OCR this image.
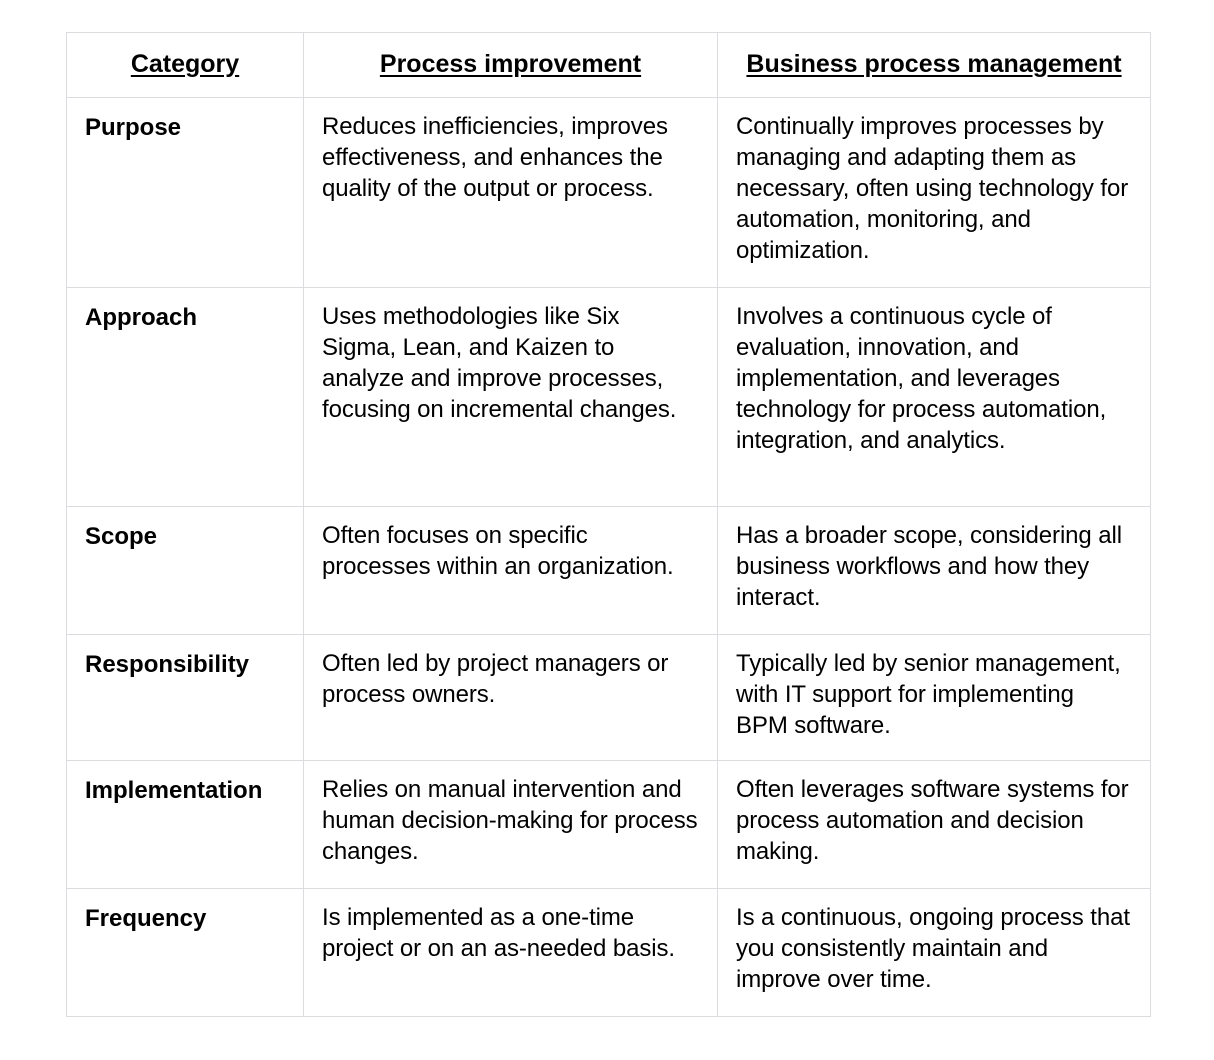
Category	Process improvement	Business process management

Purpose	Reduces inefficiencies, improves effectiveness, and enhances the quality of the output or process.	Continually improves processes by managing and adapting them as necessary, often using technology for automation, monitoring, and optimization.

Approach	Uses methodologies like Six Sigma, Lean, and Kaizen to analyze and improve processes, focusing on incremental changes.	Involves a continuous cycle of evaluation, innovation, and implementation, and leverages technology for process automation, integration, and analytics.

Scope	Often focuses on specific processes within an organization.	Has a broader scope, considering all business workflows and how they interact.

Responsibility	Often led by project managers or process owners.	Typically led by senior management, with IT support for implementing BPM software.

Implementation	Relies on manual intervention and human decision-making for process changes.	Often leverages software systems for process automation and decision making.

Frequency	Is implemented as a one-time project or on an as-needed basis.	Is a continuous, ongoing process that you consistently maintain and improve over time.
